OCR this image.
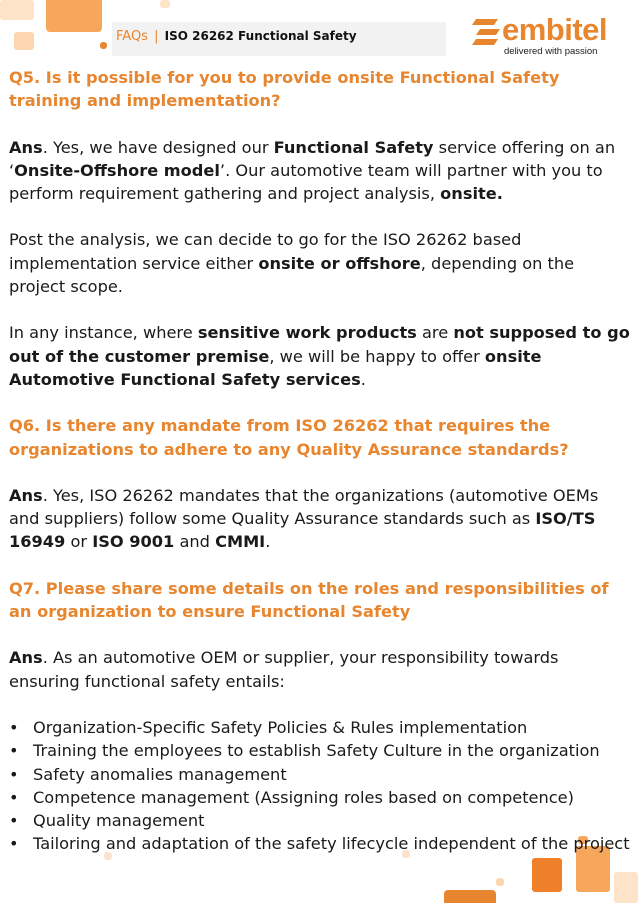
FAQs | ISO 26262 Functional Safety	embitel
delivered with passion

Q5. Is it possible for you to provide onsite Functional Safety training and implementation?

Ans. Yes, we have designed our Functional Safety service offering on an ‘Onsite-Offshore model’. Our automotive team will partner with you to perform requirement gathering and project analysis, onsite.

Post the analysis, we can decide to go for the ISO 26262 based implementation service either onsite or offshore, depending on the project scope.

In any instance, where sensitive work products are not supposed to go out of the customer premise, we will be happy to offer onsite Automotive Functional Safety services.

Q6. Is there any mandate from ISO 26262 that requires the organizations to adhere to any Quality Assurance standards?

Ans. Yes, ISO 26262 mandates that the organizations (automotive OEMs and suppliers) follow some Quality Assurance standards such as ISO/TS 16949 or ISO 9001 and CMMI.

Q7. Please share some details on the roles and responsibilities of an organization to ensure Functional Safety

Ans. As an automotive OEM or supplier, your responsibility towards ensuring functional safety entails:

• Organization-Specific Safety Policies & Rules implementation
• Training the employees to establish Safety Culture in the organization
• Safety anomalies management
• Competence management (Assigning roles based on competence)
• Quality management
• Tailoring and adaptation of the safety lifecycle independent of the project
